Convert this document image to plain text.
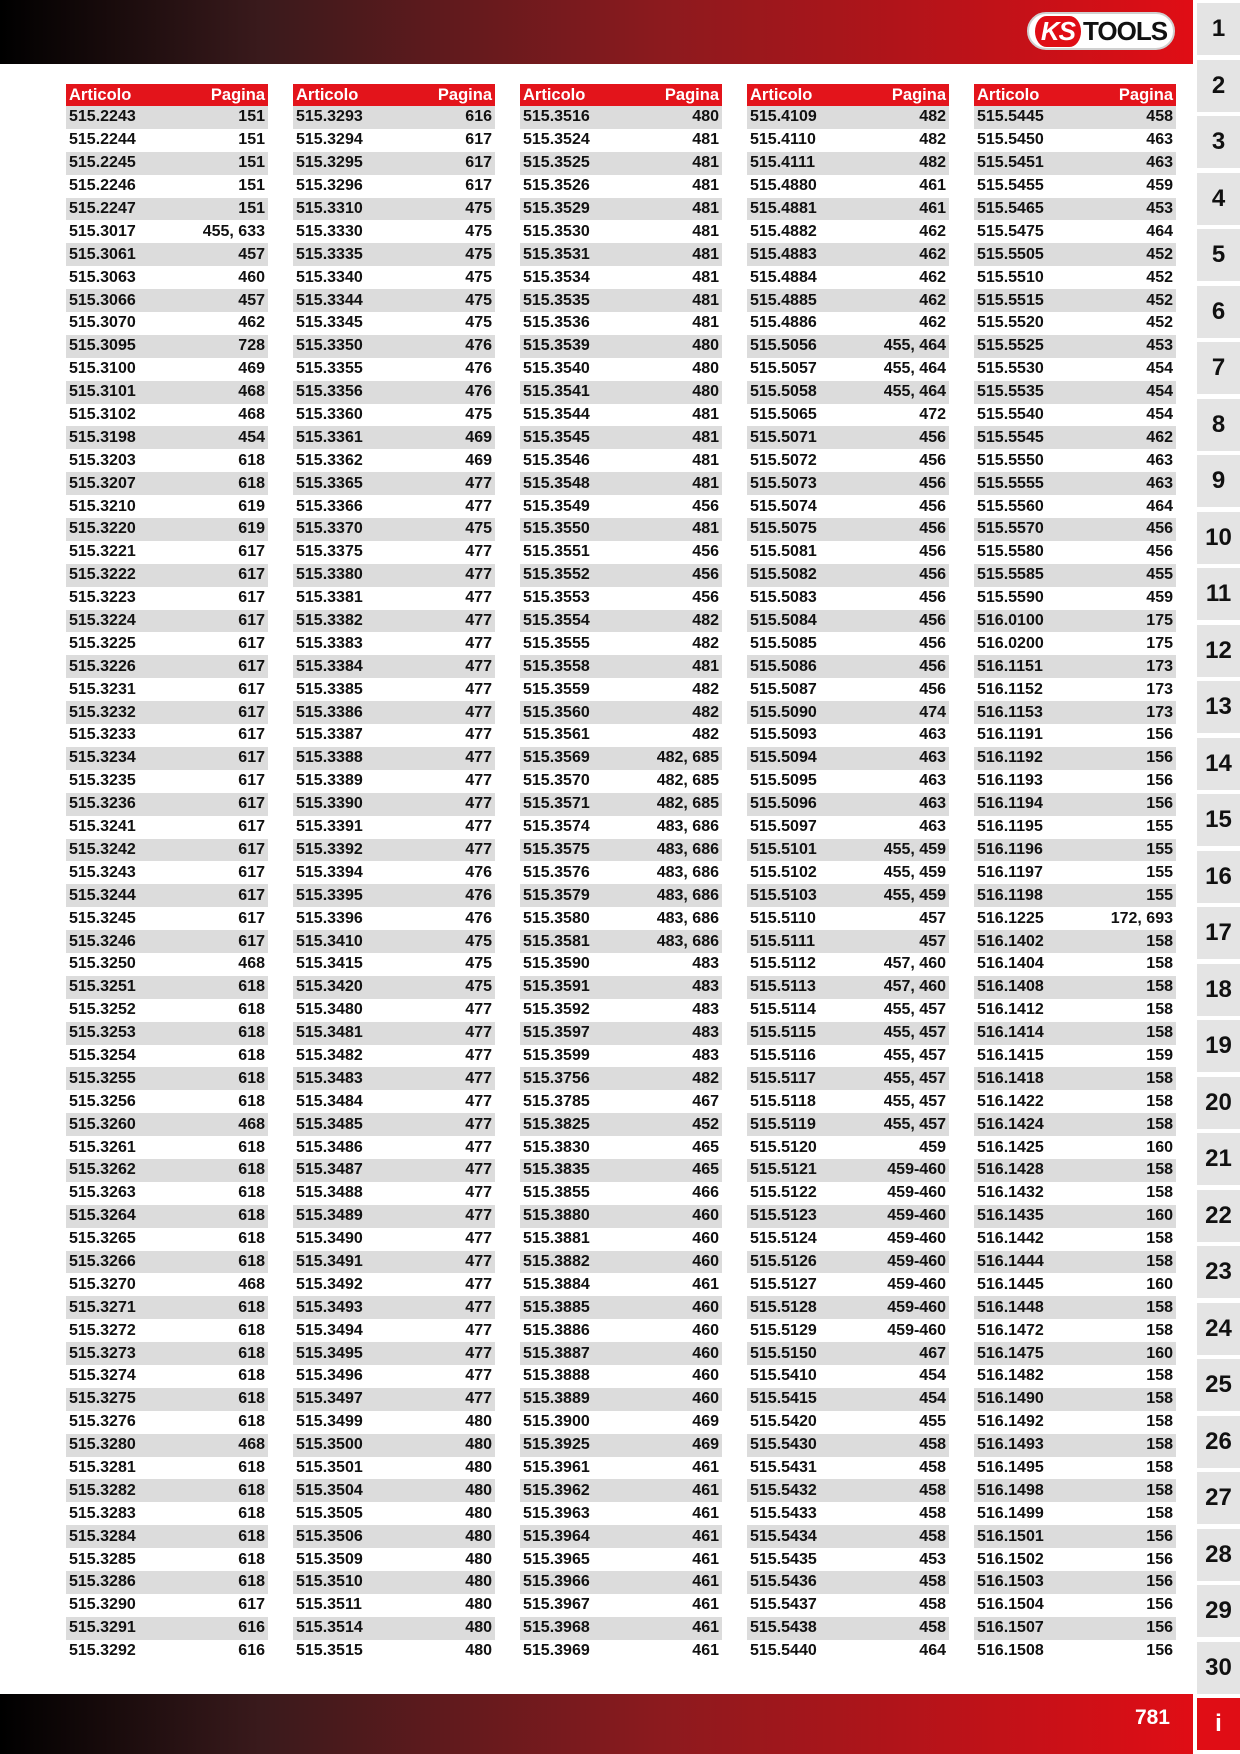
KS TOOLS
Articolo	Pagina
515.2243	151
515.2244	151
515.2245	151
515.2246	151
515.2247	151
515.3017	455, 633
515.3061	457
515.3063	460
515.3066	457
515.3070	462
515.3095	728
515.3100	469
515.3101	468
515.3102	468
515.3198	454
515.3203	618
515.3207	618
515.3210	619
515.3220	619
515.3221	617
515.3222	617
515.3223	617
515.3224	617
515.3225	617
515.3226	617
515.3231	617
515.3232	617
515.3233	617
515.3234	617
515.3235	617
515.3236	617
515.3241	617
515.3242	617
515.3243	617
515.3244	617
515.3245	617
515.3246	617
515.3250	468
515.3251	618
515.3252	618
515.3253	618
515.3254	618
515.3255	618
515.3256	618
515.3260	468
515.3261	618
515.3262	618
515.3263	618
515.3264	618
515.3265	618
515.3266	618
515.3270	468
515.3271	618
515.3272	618
515.3273	618
515.3274	618
515.3275	618
515.3276	618
515.3280	468
515.3281	618
515.3282	618
515.3283	618
515.3284	618
515.3285	618
515.3286	618
515.3290	617
515.3291	616
515.3292	616
Articolo	Pagina
515.3293	616
515.3294	617
515.3295	617
515.3296	617
515.3310	475
515.3330	475
515.3335	475
515.3340	475
515.3344	475
515.3345	475
515.3350	476
515.3355	476
515.3356	476
515.3360	475
515.3361	469
515.3362	469
515.3365	477
515.3366	477
515.3370	475
515.3375	477
515.3380	477
515.3381	477
515.3382	477
515.3383	477
515.3384	477
515.3385	477
515.3386	477
515.3387	477
515.3388	477
515.3389	477
515.3390	477
515.3391	477
515.3392	477
515.3394	476
515.3395	476
515.3396	476
515.3410	475
515.3415	475
515.3420	475
515.3480	477
515.3481	477
515.3482	477
515.3483	477
515.3484	477
515.3485	477
515.3486	477
515.3487	477
515.3488	477
515.3489	477
515.3490	477
515.3491	477
515.3492	477
515.3493	477
515.3494	477
515.3495	477
515.3496	477
515.3497	477
515.3499	480
515.3500	480
515.3501	480
515.3504	480
515.3505	480
515.3506	480
515.3509	480
515.3510	480
515.3511	480
515.3514	480
515.3515	480
Articolo	Pagina
515.3516	480
515.3524	481
515.3525	481
515.3526	481
515.3529	481
515.3530	481
515.3531	481
515.3534	481
515.3535	481
515.3536	481
515.3539	480
515.3540	480
515.3541	480
515.3544	481
515.3545	481
515.3546	481
515.3548	481
515.3549	456
515.3550	481
515.3551	456
515.3552	456
515.3553	456
515.3554	482
515.3555	482
515.3558	481
515.3559	482
515.3560	482
515.3561	482
515.3569	482, 685
515.3570	482, 685
515.3571	482, 685
515.3574	483, 686
515.3575	483, 686
515.3576	483, 686
515.3579	483, 686
515.3580	483, 686
515.3581	483, 686
515.3590	483
515.3591	483
515.3592	483
515.3597	483
515.3599	483
515.3756	482
515.3785	467
515.3825	452
515.3830	465
515.3835	465
515.3855	466
515.3880	460
515.3881	460
515.3882	460
515.3884	461
515.3885	460
515.3886	460
515.3887	460
515.3888	460
515.3889	460
515.3900	469
515.3925	469
515.3961	461
515.3962	461
515.3963	461
515.3964	461
515.3965	461
515.3966	461
515.3967	461
515.3968	461
515.3969	461
Articolo	Pagina
515.4109	482
515.4110	482
515.4111	482
515.4880	461
515.4881	461
515.4882	462
515.4883	462
515.4884	462
515.4885	462
515.4886	462
515.5056	455, 464
515.5057	455, 464
515.5058	455, 464
515.5065	472
515.5071	456
515.5072	456
515.5073	456
515.5074	456
515.5075	456
515.5081	456
515.5082	456
515.5083	456
515.5084	456
515.5085	456
515.5086	456
515.5087	456
515.5090	474
515.5093	463
515.5094	463
515.5095	463
515.5096	463
515.5097	463
515.5101	455, 459
515.5102	455, 459
515.5103	455, 459
515.5110	457
515.5111	457
515.5112	457, 460
515.5113	457, 460
515.5114	455, 457
515.5115	455, 457
515.5116	455, 457
515.5117	455, 457
515.5118	455, 457
515.5119	455, 457
515.5120	459
515.5121	459-460
515.5122	459-460
515.5123	459-460
515.5124	459-460
515.5126	459-460
515.5127	459-460
515.5128	459-460
515.5129	459-460
515.5150	467
515.5410	454
515.5415	454
515.5420	455
515.5430	458
515.5431	458
515.5432	458
515.5433	458
515.5434	458
515.5435	453
515.5436	458
515.5437	458
515.5438	458
515.5440	464
Articolo	Pagina
515.5445	458
515.5450	463
515.5451	463
515.5455	459
515.5465	453
515.5475	464
515.5505	452
515.5510	452
515.5515	452
515.5520	452
515.5525	453
515.5530	454
515.5535	454
515.5540	454
515.5545	462
515.5550	463
515.5555	463
515.5560	464
515.5570	456
515.5580	456
515.5585	455
515.5590	459
516.0100	175
516.0200	175
516.1151	173
516.1152	173
516.1153	173
516.1191	156
516.1192	156
516.1193	156
516.1194	156
516.1195	155
516.1196	155
516.1197	155
516.1198	155
516.1225	172, 693
516.1402	158
516.1404	158
516.1408	158
516.1412	158
516.1414	158
516.1415	159
516.1418	158
516.1422	158
516.1424	158
516.1425	160
516.1428	158
516.1432	158
516.1435	160
516.1442	158
516.1444	158
516.1445	160
516.1448	158
516.1472	158
516.1475	160
516.1482	158
516.1490	158
516.1492	158
516.1493	158
516.1495	158
516.1498	158
516.1499	158
516.1501	156
516.1502	156
516.1503	156
516.1504	156
516.1507	156
516.1508	156
1
2
3
4
5
6
7
8
9
10
11
12
13
14
15
16
17
18
19
20
21
22
23
24
25
26
27
28
29
30
i
781
